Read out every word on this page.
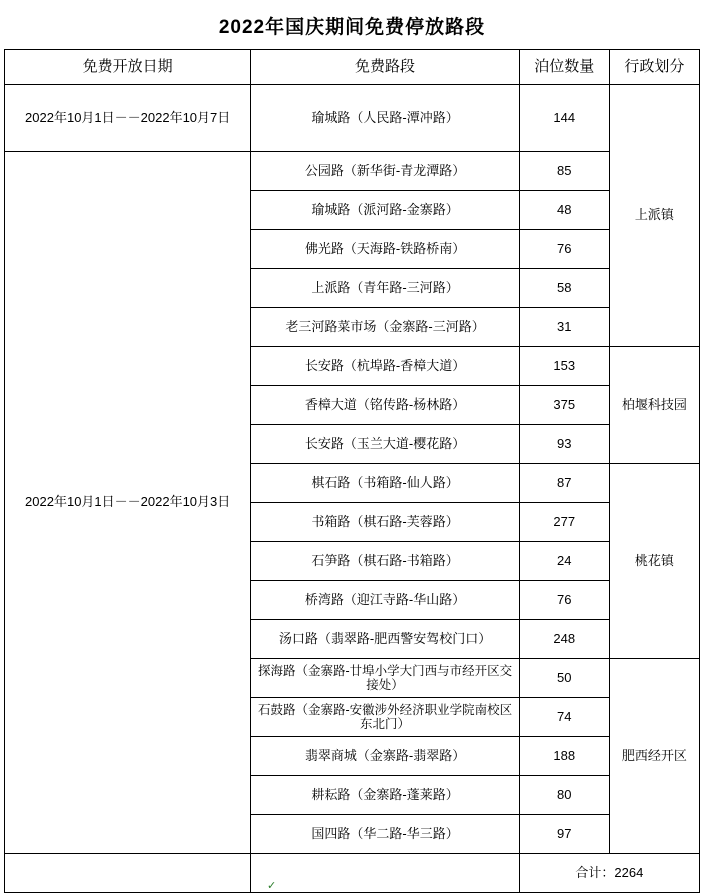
2022年国庆期间免费停放路段
免费开放日期	免费路段	泊位数量	行政划分
2022年10月1日－－2022年10月7日	瑜城路（人民路-潭冲路）	144	上派镇
2022年10月1日－－2022年10月3日	公园路（新华街-青龙潭路）	85	
	瑜城路（派河路-金寨路）	48	
	佛光路（天海路-铁路桥南）	76	
	上派路（青年路-三河路）	58	
	老三河路菜市场（金寨路-三河路）	31	
	长安路（杭埠路-香樟大道）	153	柏堰科技园
	香樟大道（铭传路-杨林路）	375	
	长安路（玉兰大道-樱花路）	93	
	棋石路（书箱路-仙人路）	87	桃花镇
	书箱路（棋石路-芙蓉路）	277	
	石笋路（棋石路-书箱路）	24	
	桥湾路（迎江寺路-华山路）	76	
	汤口路（翡翠路-肥西警安驾校门口）	248	
	探海路（金寨路-廿埠小学大门西与市经开区交接处）	50	肥西经开区
	石鼓路（金寨路-安徽涉外经济职业学院南校区东北门）	74	
	翡翠商城（金寨路-翡翠路）	188	
	耕耘路（金寨路-蓬莱路）	80	
	国四路（华二路-华三路）	97	

✓		合计：2264	
